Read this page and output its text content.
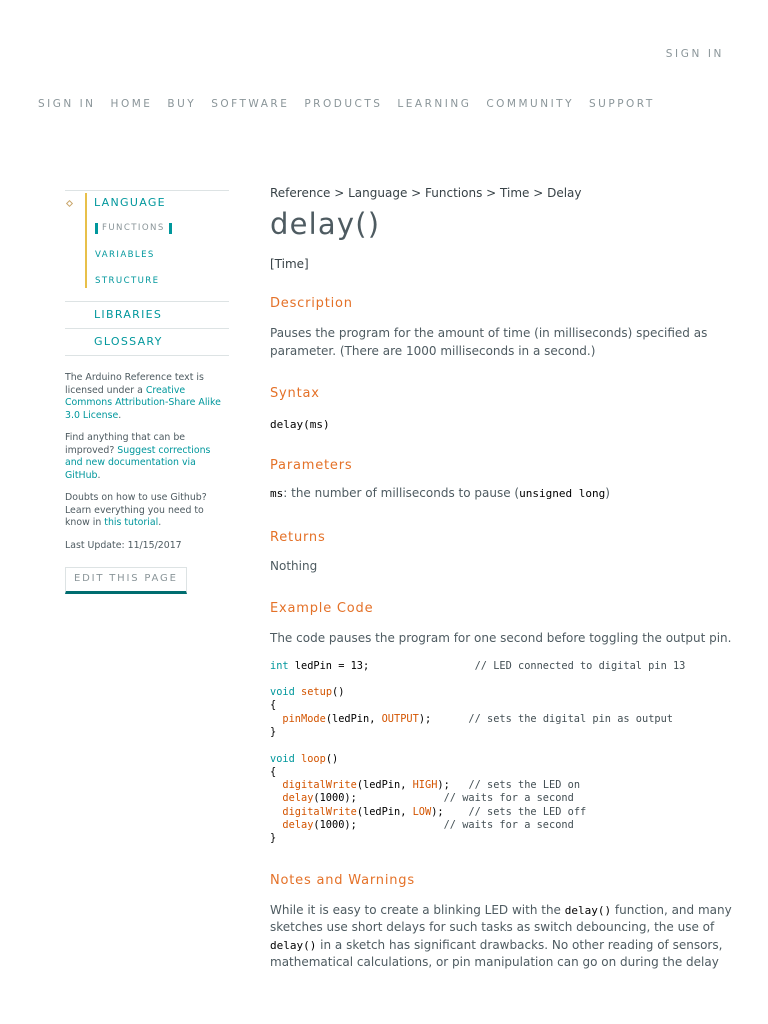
SIGN IN
SIGN IN HOME BUY SOFTWARE PRODUCTS LEARNING COMMUNITY SUPPORT
LANGUAGE
FUNCTIONS
VARIABLES
STRUCTURE
LIBRARIES
GLOSSARY

The Arduino Reference text is licensed under a Creative Commons Attribution-Share Alike 3.0 License.

Find anything that can be improved? Suggest corrections and new documentation via GitHub.

Doubts on how to use Github? Learn everything you need to know in this tutorial.

Last Update: 11/15/2017

EDIT THIS PAGE
Reference > Language > Functions > Time > Delay
delay()
[Time]
Description

Pauses the program for the amount of time (in milliseconds) specified as parameter. (There are 1000 milliseconds in a second.)

Syntax

delay(ms)

Parameters

ms: the number of milliseconds to pause (unsigned long)

Returns

Nothing

Example Code

The code pauses the program for one second before toggling the output pin.

int ledPin = 13;	// LED connected to digital pin 13

void setup()
{
pinMode(ledPin, OUTPUT);	// sets the digital pin as output
}

void loop()
{
digitalWrite(ledPin, HIGH); // sets the LED on
delay(1000);	// waits for a second
digitalWrite(ledPin, LOW); // sets the LED off
delay(1000);	// waits for a second
}
Notes and Warnings

While it is easy to create a blinking LED with the delay() function, and many sketches use short delays for such tasks as switch debouncing, the use of delay() in a sketch has significant drawbacks. No other reading of sensors, mathematical calculations, or pin manipulation can go on during the delay
